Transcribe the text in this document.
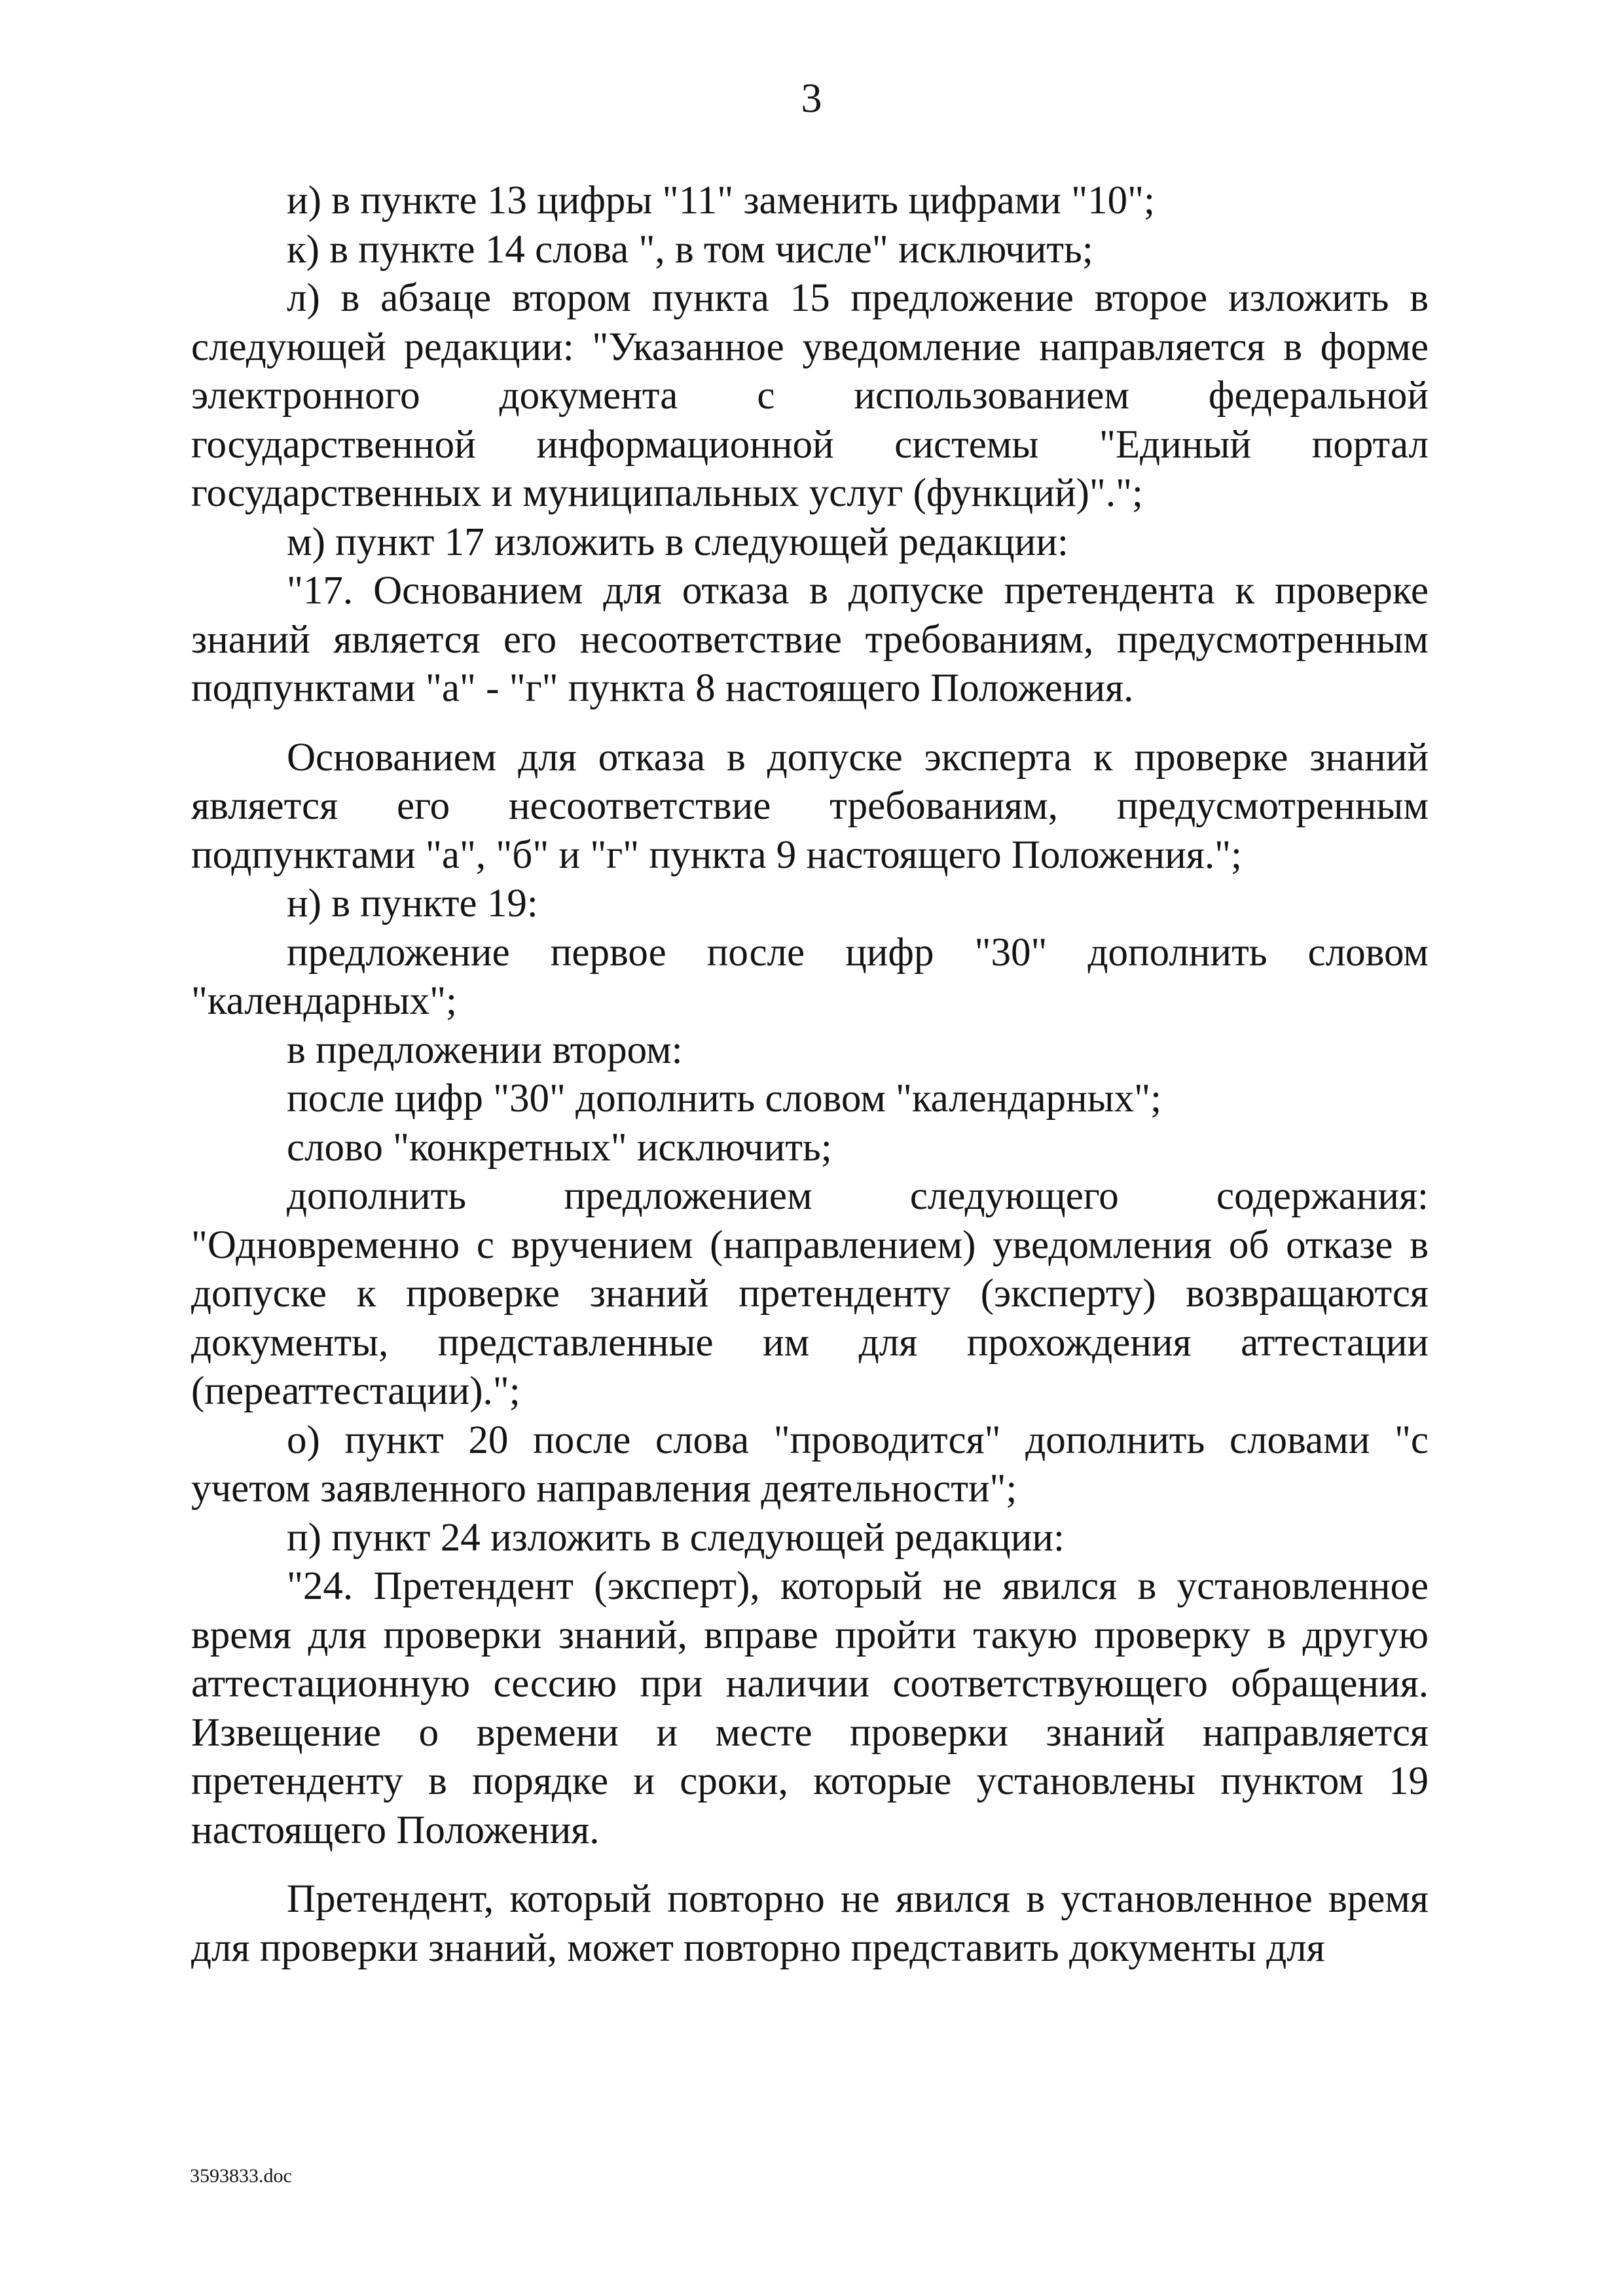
3

и) в пункте 13 цифры "11" заменить цифрами "10";

к) в пункте 14 слова ", в том числе" исключить;

л) в абзаце втором пункта 15 предложение второе изложить в следующей редакции: "Указанное уведомление направляется в форме электронного документа с использованием федеральной государственной информационной системы "Единый портал государственных и муниципальных услуг (функций)".";

м) пункт 17 изложить в следующей редакции:

"17. Основанием для отказа в допуске претендента к проверке знаний является его несоответствие требованиям, предусмотренным подпунктами "а" - "г" пункта 8 настоящего Положения.

Основанием для отказа в допуске эксперта к проверке знаний является его несоответствие требованиям, предусмотренным подпунктами "а", "б" и "г" пункта 9 настоящего Положения.";

н) в пункте 19:

предложение первое после цифр "30" дополнить словом "календарных";

в предложении втором:

после цифр "30" дополнить словом "календарных";

слово "конкретных" исключить;

дополнить предложением следующего содержания: "Одновременно с вручением (направлением) уведомления об отказе в допуске к проверке знаний претенденту (эксперту) возвращаются документы, представленные им для прохождения аттестации (переаттестации).";

о) пункт 20 после слова "проводится" дополнить словами "с учетом заявленного направления деятельности";

п) пункт 24 изложить в следующей редакции:

"24. Претендент (эксперт), который не явился в установленное время для проверки знаний, вправе пройти такую проверку в другую аттестационную сессию при наличии соответствующего обращения. Извещение о времени и месте проверки знаний направляется претенденту в порядке и сроки, которые установлены пунктом 19 настоящего Положения.

Претендент, который повторно не явился в установленное время для проверки знаний, может повторно представить документы для

3593833.doc
